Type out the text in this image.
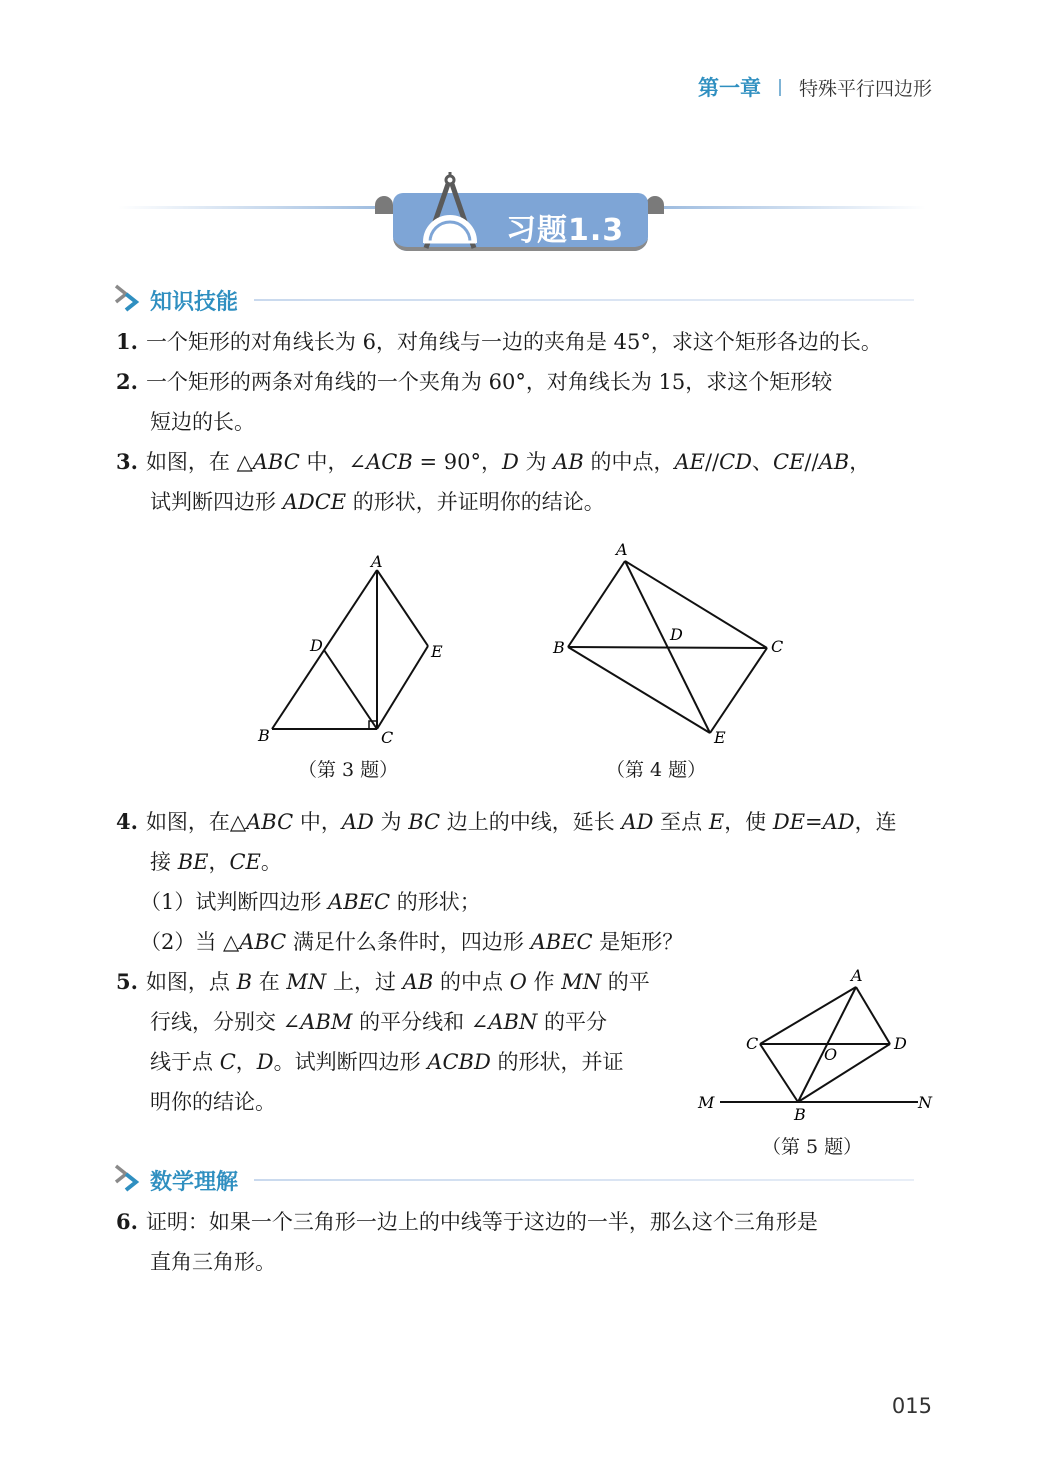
第一章 特殊平行四边形
习题1.3
知识技能
1. 一个矩形的对角线长为 6，对角线与一边的夹角是 45°，求这个矩形各边的长。
2. 一个矩形的两条对角线的一个夹角为 60°，对角线长为 15，求这个矩形较
短边的长。
3. 如图，在 △ABC 中，∠ACB = 90°，D 为 AB 的中点，AE//CD、CE//AB，
试判断四边形 ADCE 的形状，并证明你的结论。
A
B	C
D	E
（第 3 题）
A
B	C
D
E
（第 4 题）
4. 如图，在△ABC 中，AD 为 BC 边上的中线，延长 AD 至点 E，使 DE=AD，连
接 BE，CE。
（1）试判断四边形 ABEC 的形状；
（2）当 △ABC 满足什么条件时，四边形 ABEC 是矩形？
5. 如图，点 B 在 MN 上，过 AB 的中点 O 作 MN 的平
行线，分别交 ∠ABM 的平分线和 ∠ABN 的平分
线于点 C，D。试判断四边形 ACBD 的形状，并证
明你的结论。
A
B
C	D
O
M	N
（第 5 题）
数学理解
6. 证明：如果一个三角形一边上的中线等于这边的一半，那么这个三角形是
直角三角形。
015
